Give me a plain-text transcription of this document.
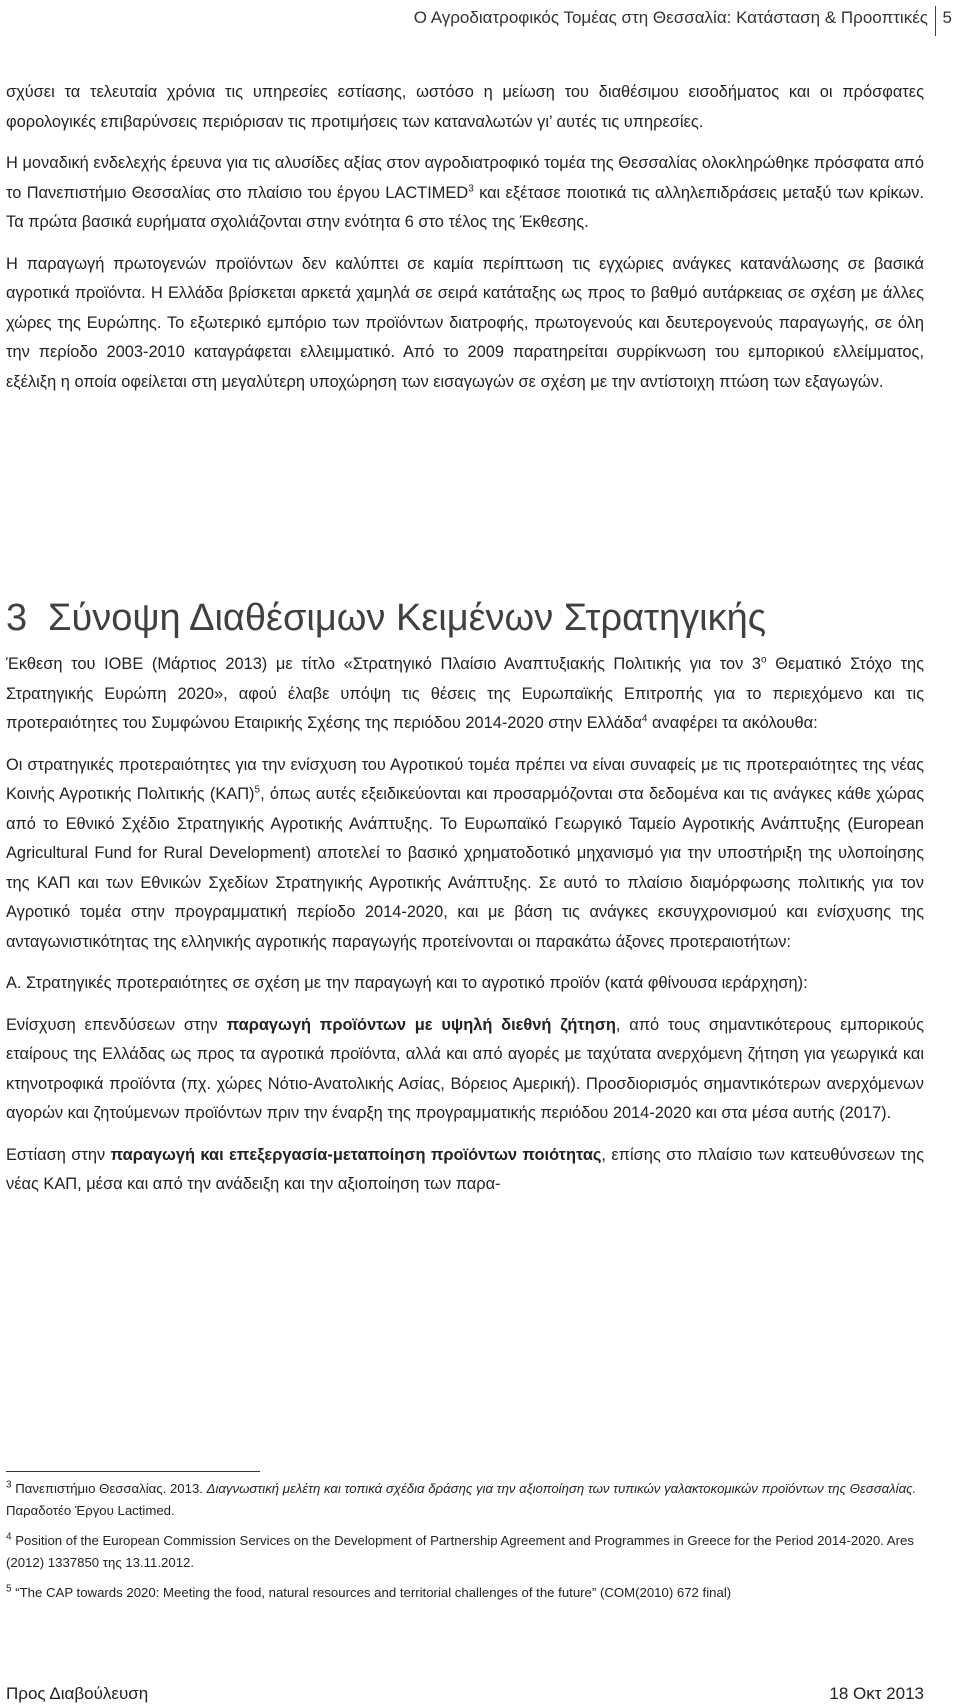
Ο Αγροδιατροφικός Τομέας στη Θεσσαλία: Κατάσταση & Προοπτικές 5

σχύσει τα τελευταία χρόνια τις υπηρεσίες εστίασης, ωστόσο η μείωση του διαθέσιμου εισοδήματος και οι πρόσφατες φορολογικές επιβαρύνσεις περιόρισαν τις προτιμήσεις των καταναλωτών γι’ αυτές τις υπηρεσίες.

Η μοναδική ενδελεχής έρευνα για τις αλυσίδες αξίας στον αγροδιατροφικό τομέα της Θεσσαλίας ολοκληρώθηκε πρόσφατα από το Πανεπιστήμιο Θεσσαλίας στο πλαίσιο του έργου LACTIMED$^3$ και εξέτασε ποιοτικά τις αλληλεπιδράσεις μεταξύ των κρίκων. Τα πρώτα βασικά ευρήματα σχολιάζονται στην ενότητα 6 στο τέλος της Έκθεσης.

Η παραγωγή πρωτογενών προϊόντων δεν καλύπτει σε καμία περίπτωση τις εγχώριες ανάγκες κατανάλωσης σε βασικά αγροτικά προϊόντα. Η Ελλάδα βρίσκεται αρκετά χαμηλά σε σειρά κατάταξης ως προς το βαθμό αυτάρκειας σε σχέση με άλλες χώρες της Ευρώπης. Το εξωτερικό εμπόριο των προϊόντων διατροφής, πρωτογενούς και δευτερογενούς παραγωγής, σε όλη την περίοδο 2003-2010 καταγράφεται ελλειμματικό. Από το 2009 παρατηρείται συρρίκνωση του εμπορικού ελλείμματος, εξέλιξη η οποία οφείλεται στη μεγαλύτερη υποχώρηση των εισαγωγών σε σχέση με την αντίστοιχη πτώση των εξαγωγών.

3 Σύνοψη Διαθέσιμων Κειμένων Στρατηγικής

Έκθεση του ΙΟΒΕ (Μάρτιος 2013) με τίτλο «Στρατηγικό Πλαίσιο Αναπτυξιακής Πολιτικής για τον $3^o$ Θεματικό Στόχο της Στρατηγικής Ευρώπη 2020», αφού έλαβε υπόψη τις θέσεις της Ευρωπαϊκής Επιτροπής για το περιεχόμενο και τις προτεραιότητες του Συμφώνου Εταιρικής Σχέσης της περιόδου 2014-2020 στην Ελλάδα$^4$ αναφέρει τα ακόλουθα:

Οι στρατηγικές προτεραιότητες για την ενίσχυση του Αγροτικού τομέα πρέπει να είναι συναφείς με τις προτεραιότητες της νέας Κοινής Αγροτικής Πολιτικής $(KA\Pi)^5$, όπως αυτές εξειδικεύονται και προσαρμόζονται στα δεδομένα και τις ανάγκες κάθε χώρας από το Εθνικό Σχέδιο Στρατηγικής Αγροτικής Ανάπτυξης. Το Ευρωπαϊκό Γεωργικό Ταμείο Αγροτικής Ανάπτυξης (European Agricultural Fund for Rural Development) αποτελεί το βασικό χρηματοδοτικό μηχανισμό για την υποστήριξη της υλοποίησης της ΚΑΠ και των Εθνικών Σχεδίων Στρατηγικής Αγροτικής Ανάπτυξης. Σε αυτό το πλαίσιο διαμόρφωσης πολιτικής για τον Αγροτικό τομέα στην προγραμματική περίοδο 2014-2020, και με βάση τις ανάγκες εκσυγχρονισμού και ενίσχυσης της ανταγωνιστικότητας της ελληνικής αγροτικής παραγωγής προτείνονται οι παρακάτω άξονες προτεραιοτήτων:

Α. Στρατηγικές προτεραιότητες σε σχέση με την παραγωγή και το αγροτικό προϊόν (κατά φθίνουσα ιεράρχηση):

Ενίσχυση επενδύσεων στην παραγωγή προϊόντων με υψηλή διεθνή ζήτηση, από τους σημαντικότερους εμπορικούς εταίρους της Ελλάδας ως προς τα αγροτικά προϊόντα, αλλά και από αγορές με ταχύτατα ανερχόμενη ζήτηση για γεωργικά και κτηνοτροφικά προϊόντα (πχ. χώρες Νότιο-Ανατολικής Ασίας, Βόρειος Αμερική). Προσδιορισμός σημαντικότερων ανερχόμενων αγορών και ζητούμενων προϊόντων πριν την έναρξη της προγραμματικής περιόδου 2014-2020 και στα μέσα αυτής (2017).

Εστίαση στην παραγωγή και επεξεργασία-μεταποίηση προϊόντων ποιότητας, επίσης στο πλαίσιο των κατευθύνσεων της νέας ΚΑΠ, μέσα και από την ανάδειξη και την αξιοποίηση των παρα-

$^3$ Πανεπιστήμιο Θεσσαλίας. 2013. Διαγνωστική μελέτη και τοπικά σχέδια δράσης για την αξιοποίηση των τυπικών γαλακτοκομικών προϊόντων της Θεσσαλίας. Παραδοτέο Έργου Lactimed.
$^4$ Position of the European Commission Services on the Development of Partnership Agreement and Programmes in Greece for the Period 2014-2020. Ares (2012) 1337850 της 13.11.2012.
$^5$ “The CAP towards 2020: Meeting the food, natural resources and territorial challenges of the future” (COM(2010) 672 final)
Προς Διαβούλευση	18 Οκτ 2013
